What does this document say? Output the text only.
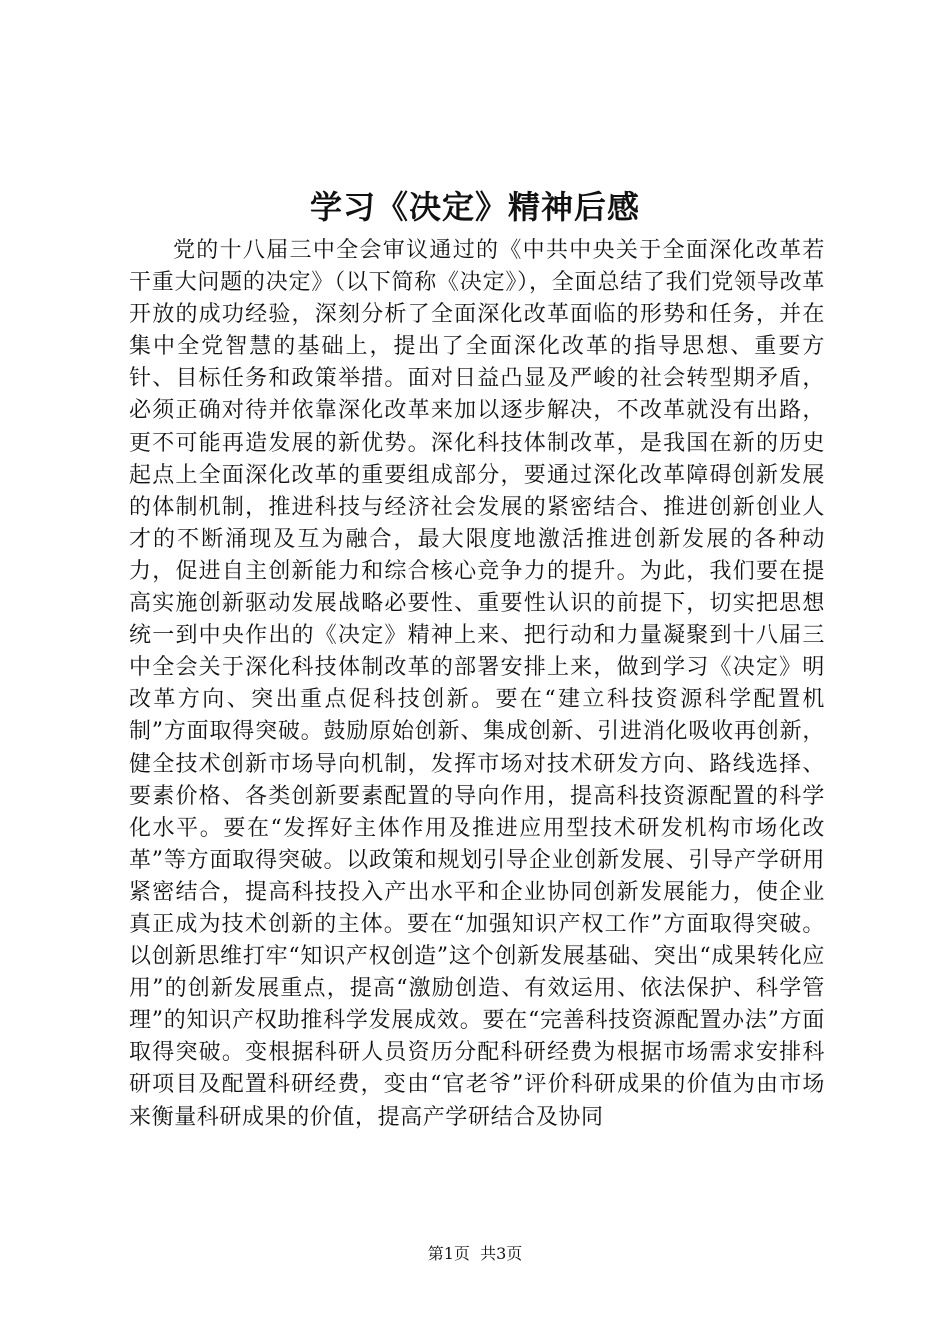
学习《决定》精神后感

党的十八届三中全会审议通过的《中共中央关于全面深化改革若干重大问题的决定》（以下简称《决定》），全面总结了我们党领导改革开放的成功经验，深刻分析了全面深化改革面临的形势和任务，并在集中全党智慧的基础上，提出了全面深化改革的指导思想、重要方针、目标任务和政策举措。面对日益凸显及严峻的社会转型期矛盾，必须正确对待并依靠深化改革来加以逐步解决，不改革就没有出路，更不可能再造发展的新优势。深化科技体制改革，是我国在新的历史起点上全面深化改革的重要组成部分，要通过深化改革障碍创新发展的体制机制，推进科技与经济社会发展的紧密结合、推进创新创业人才的不断涌现及互为融合，最大限度地激活推进创新发展的各种动力，促进自主创新能力和综合核心竞争力的提升。为此，我们要在提高实施创新驱动发展战略必要性、重要性认识的前提下，切实把思想统一到中央作出的《决定》精神上来、把行动和力量凝聚到十八届三中全会关于深化科技体制改革的部署安排上来，做到学习《决定》明改革方向、突出重点促科技创新。要在“建立科技资源科学配置机制”方面取得突破。鼓励原始创新、集成创新、引进消化吸收再创新，健全技术创新市场导向机制，发挥市场对技术研发方向、路线选择、要素价格、各类创新要素配置的导向作用，提高科技资源配置的科学化水平。要在“发挥好主体作用及推进应用型技术研发机构市场化改革”等方面取得突破。以政策和规划引导企业创新发展、引导产学研用紧密结合，提高科技投入产出水平和企业协同创新发展能力，使企业真正成为技术创新的主体。要在“加强知识产权工作”方面取得突破。以创新思维打牢“知识产权创造”这个创新发展基础、突出“成果转化应用”的创新发展重点，提高“激励创造、有效运用、依法保护、科学管理”的知识产权助推科学发展成效。要在“完善科技资源配置办法”方面取得突破。变根据科研人员资历分配科研经费为根据市场需求安排科研项目及配置科研经费，变由“官老爷”评价科研成果的价值为由市场来衡量科研成果的价值，提高产学研结合及协同

第1页  共3页
